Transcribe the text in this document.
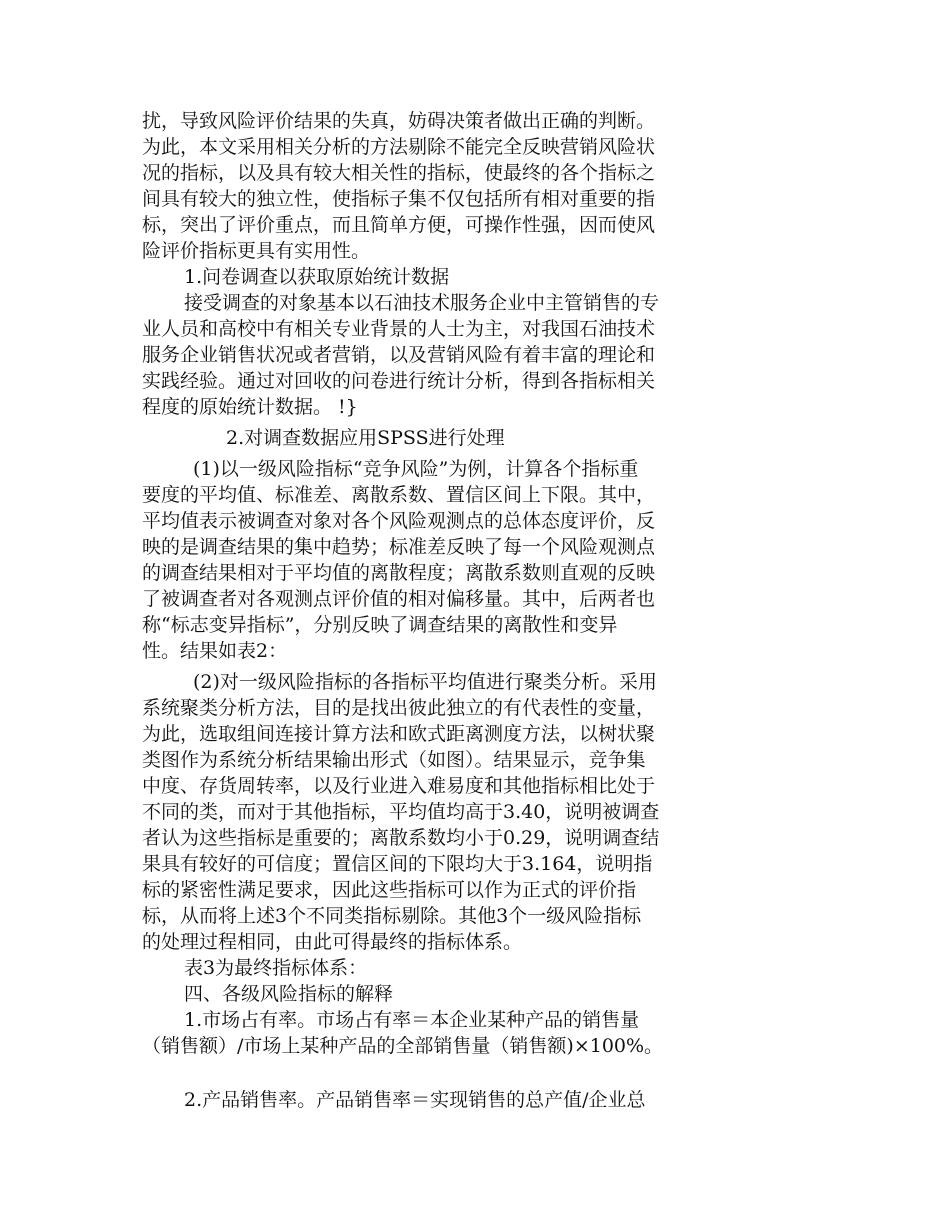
扰，导致风险评价结果的失真，妨碍决策者做出正确的判断。
为此，本文采用相关分析的方法剔除不能完全反映营销风险状
况的指标，以及具有较大相关性的指标，使最终的各个指标之
间具有较大的独立性，使指标子集不仅包括所有相对重要的指
标，突出了评价重点，而且简单方便，可操作性强，因而使风
险评价指标更具有实用性。
1.问卷调查以获取原始统计数据
接受调查的对象基本以石油技术服务企业中主管销售的专
业人员和高校中有相关专业背景的人士为主，对我国石油技术
服务企业销售状况或者营销，以及营销风险有着丰富的理论和
实践经验。通过对回收的问卷进行统计分析，得到各指标相关
程度的原始统计数据。 !}
2.对调查数据应用SPSS进行处理
(1)以一级风险指标“竞争风险”为例，计算各个指标重
要度的平均值、标准差、离散系数、置信区间上下限。其中，
平均值表示被调查对象对各个风险观测点的总体态度评价，反
映的是调查结果的集中趋势；标准差反映了每一个风险观测点
的调查结果相对于平均值的离散程度；离散系数则直观的反映
了被调查者对各观测点评价值的相对偏移量。其中，后两者也
称“标志变异指标”，分别反映了调查结果的离散性和变异
性。结果如表2：
(2)对一级风险指标的各指标平均值进行聚类分析。采用
系统聚类分析方法，目的是找出彼此独立的有代表性的变量，
为此，选取组间连接计算方法和欧式距离测度方法，以树状聚
类图作为系统分析结果输出形式（如图）。结果显示，竞争集
中度、存货周转率，以及行业进入难易度和其他指标相比处于
不同的类，而对于其他指标，平均值均高于3.40，说明被调查
者认为这些指标是重要的；离散系数均小于0.29，说明调查结
果具有较好的可信度；置信区间的下限均大于3.164，说明指
标的紧密性满足要求，因此这些指标可以作为正式的评价指
标，从而将上述3个不同类指标剔除。其他3个一级风险指标
的处理过程相同，由此可得最终的指标体系。
表3为最终指标体系：
四、各级风险指标的解释
1.市场占有率。市场占有率＝本企业某种产品的销售量
（销售额）/市场上某种产品的全部销售量（销售额)×100%。
2.产品销售率。产品销售率＝实现销售的总产值/企业总
